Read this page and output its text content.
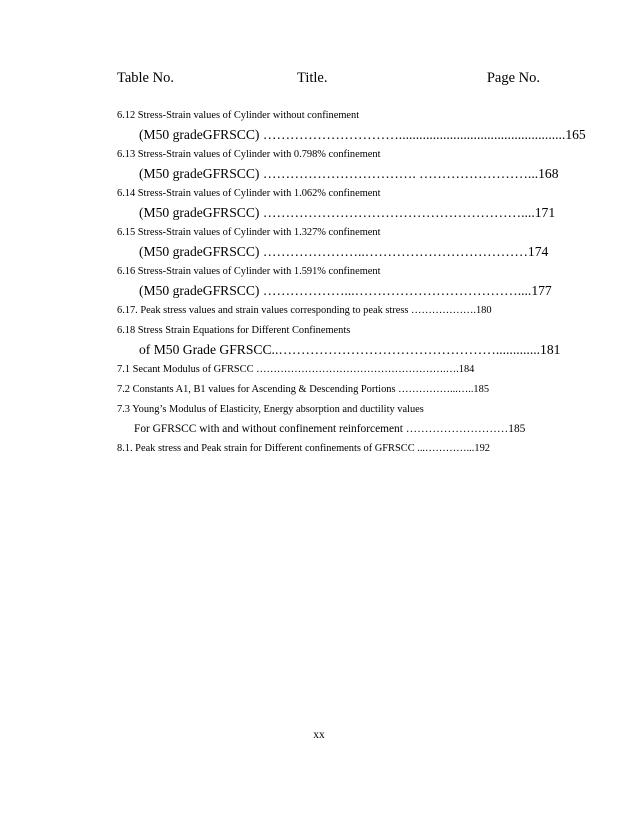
Table No.	Title.	Page No.
6.12 Stress-Strain values of Cylinder without confinement
(M50 gradeGFRSCC) ………………………….................................................165
6.13 Stress-Strain values of Cylinder with 0.798% confinement
(M50 gradeGFRSCC) ……………………………. ……………………...168
6.14 Stress-Strain values of Cylinder with 1.062% confinement
(M50 gradeGFRSCC) …………………………………………………....171
6.15 Stress-Strain values of Cylinder with 1.327% confinement
(M50 gradeGFRSCC) …………………..………………………………174
6.16 Stress-Strain values of Cylinder with 1.591% confinement
(M50 gradeGFRSCC) ………………...………………………………....177
6.17. Peak stress values and strain values corresponding to peak stress ……………….180
6.18 Stress Strain Equations for Different Confinements
of M50 Grade GFRSCC..………………………………………….............181
7.1 Secant Modulus of GFRSCC ……………………………………………….….184
7.2 Constants A1, B1 values for Ascending & Descending Portions ……………...…..185
7.3 Young’s Modulus of Elasticity, Energy absorption and ductility values
For GFRSCC with and without confinement reinforcement ………………………185
8.1. Peak stress and Peak strain for Different confinements of GFRSCC ...…………...192
xx
